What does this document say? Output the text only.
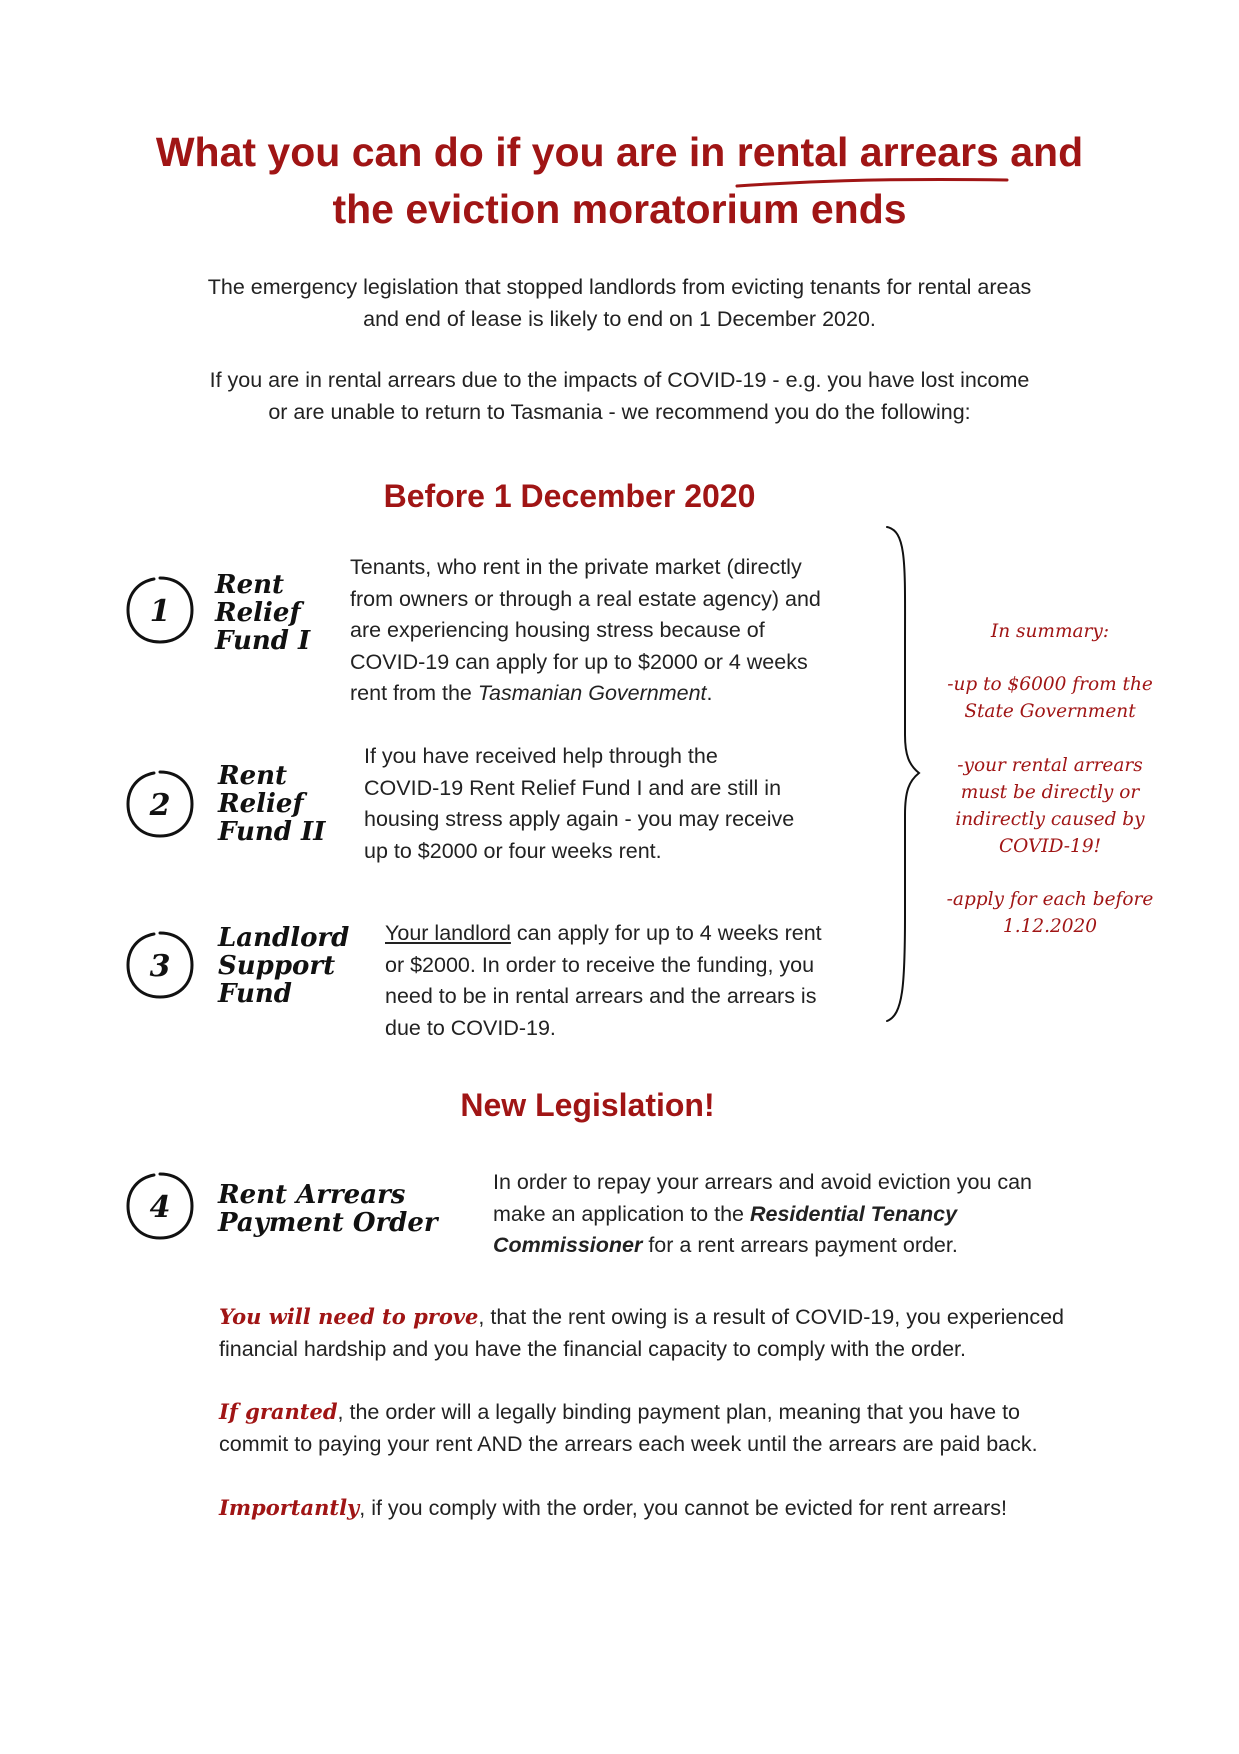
What you can do if you are in rental arrears and
the eviction moratorium ends
The emergency legislation that stopped landlords from evicting tenants for rental areas
and end of lease is likely to end on 1 December 2020.
If you are in rental arrears due to the impacts of COVID-19 - e.g. you have lost income
or are unable to return to Tasmania - we recommend you do the following:
Before 1 December 2020
1
Rent
Relief
Fund I
Tenants, who rent in the private market (directly
from owners or through a real estate agency) and
are experiencing housing stress because of
COVID-19 can apply for up to $2000 or 4 weeks
rent from the Tasmanian Government.
2
Rent
Relief
Fund II
If you have received help through the
COVID-19 Rent Relief Fund I and are still in
housing stress apply again - you may receive
up to $2000 or four weeks rent.
3
Landlord
Support
Fund
Your landlord can apply for up to 4 weeks rent
or $2000. In order to receive the funding, you
need to be in rental arrears and the arrears is
due to COVID-19.
In summary:
-up to $6000 from the
State Government
-your rental arrears
must be directly or
indirectly caused by
COVID-19!
-apply for each before
1.12.2020
New Legislation!
4 Rent Arrears
Payment Order
In order to repay your arrears and avoid eviction you can
make an application to the Residential Tenancy
Commissioner for a rent arrears payment order.
You will need to prove, that the rent owing is a result of COVID-19, you experienced
financial hardship and you have the financial capacity to comply with the order.
If granted, the order will a legally binding payment plan, meaning that you have to
commit to paying your rent AND the arrears each week until the arrears are paid back.
Importantly, if you comply with the order, you cannot be evicted for rent arrears!
